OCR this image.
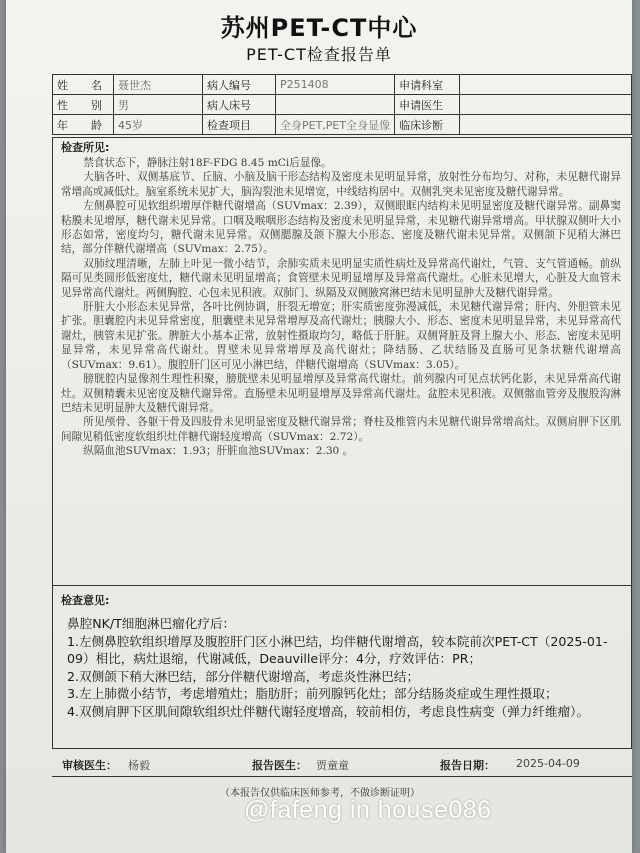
苏州PET-CT中心
PET-CT检查报告单
姓　名	聂世杰	病人编号	P251408	申请科室	
性　别	男	病人床号		申请医生	
年　龄	45岁	检查项目	全身PET,PET全身显像	临床诊断	
检查所见:

禁食状态下，静脉注射18F-FDG 8.45 mCi后显像。

大脑各叶、双侧基底节、丘脑、小脑及脑干形态结构及密度未见明显异常，放射性分布均匀、对称，未见糖代谢异常增高或减低灶。脑室系统未见扩大，脑沟裂池未见增宽，中线结构居中。双侧乳突未见密度及糖代谢异常。

左侧鼻腔可见软组织增厚伴糖代谢增高（SUVmax：2.39），双侧眼眶内结构未见明显密度及糖代谢异常。副鼻窦粘膜未见增厚，糖代谢未见异常。口咽及喉咽形态结构及密度未见明显异常，未见糖代谢异常增高。甲状腺双侧叶大小形态如常，密度均匀，糖代谢未见异常。双侧腮腺及颌下腺大小形态、密度及糖代谢未见异常。双侧颌下见稍大淋巴结，部分伴糖代谢增高（SUVmax：2.75）。

双肺纹理清晰，左肺上叶见一微小结节，余肺实质未见明显实质性病灶及异常高代谢灶，气管、支气管通畅。前纵隔可见类圆形低密度灶，糖代谢未见明显增高；食管壁未见明显增厚及异常高代谢灶。心脏未见增大，心脏及大血管未见异常高代谢灶。两侧胸腔、心包未见积液。双肺门、纵隔及双侧腋窝淋巴结未见明显肿大及糖代谢异常。

肝脏大小形态未见异常，各叶比例协调，肝裂无增宽；肝实质密度弥漫减低，未见糖代谢异常；肝内、外胆管未见扩张。胆囊腔内未见异常密度，胆囊壁未见异常增厚及高代谢灶；胰腺大小、形态、密度未见明显异常，未见异常高代谢灶，胰管未见扩张。脾脏大小基本正常，放射性摄取均匀，略低于肝脏。双侧肾脏及肾上腺大小、形态、密度未见明显异常，未见异常高代谢灶。胃壁未见异常增厚及高代谢灶；降结肠、乙状结肠及直肠可见条状糖代谢增高（SUVmax：9.61）。腹腔肝门区可见小淋巴结，伴糖代谢增高（SUVmax：3.05）。

膀胱腔内显像剂生理性积聚，膀胱壁未见明显增厚及异常高代谢灶。前列腺内可见点状钙化影，未见异常高代谢灶。双侧精囊未见密度及糖代谢异常。直肠壁未见明显增厚及异常高代谢灶。盆腔未见积液。双侧髂血管旁及腹股沟淋巴结未见明显肿大及糖代谢异常。

所见颅骨、各躯干骨及四肢骨未见明显密度及糖代谢异常；脊柱及椎管内未见糖代谢异常增高灶。双侧肩胛下区肌间隙见稍低密度软组织灶伴糖代谢轻度增高（SUVmax：2.72）。

纵隔血池SUVmax：1.93；肝脏血池SUVmax：2.30 。

检查意见:

鼻腔NK/T细胞淋巴瘤化疗后：

1.左侧鼻腔软组织增厚及腹腔肝门区小淋巴结，均伴糖代谢增高，较本院前次PET-CT（2025-01-09）相比，病灶退缩，代谢减低，Deauville评分：4分，疗效评估：PR；

2.双侧颌下稍大淋巴结，部分伴糖代谢增高，考虑炎性淋巴结；

3.左上肺微小结节，考虑增殖灶；脂肪肝；前列腺钙化灶；部分结肠炎症或生理性摄取；

4.双侧肩胛下区肌间隙软组织灶伴糖代谢轻度增高，较前相仿，考虑良性病变（弹力纤维瘤）。

审核医生： 杨毅	报告医生： 贾童童	报告日期： 2025-04-09
（本报告仅供临床医师参考，不做诊断证明）
@fafeng in house086
